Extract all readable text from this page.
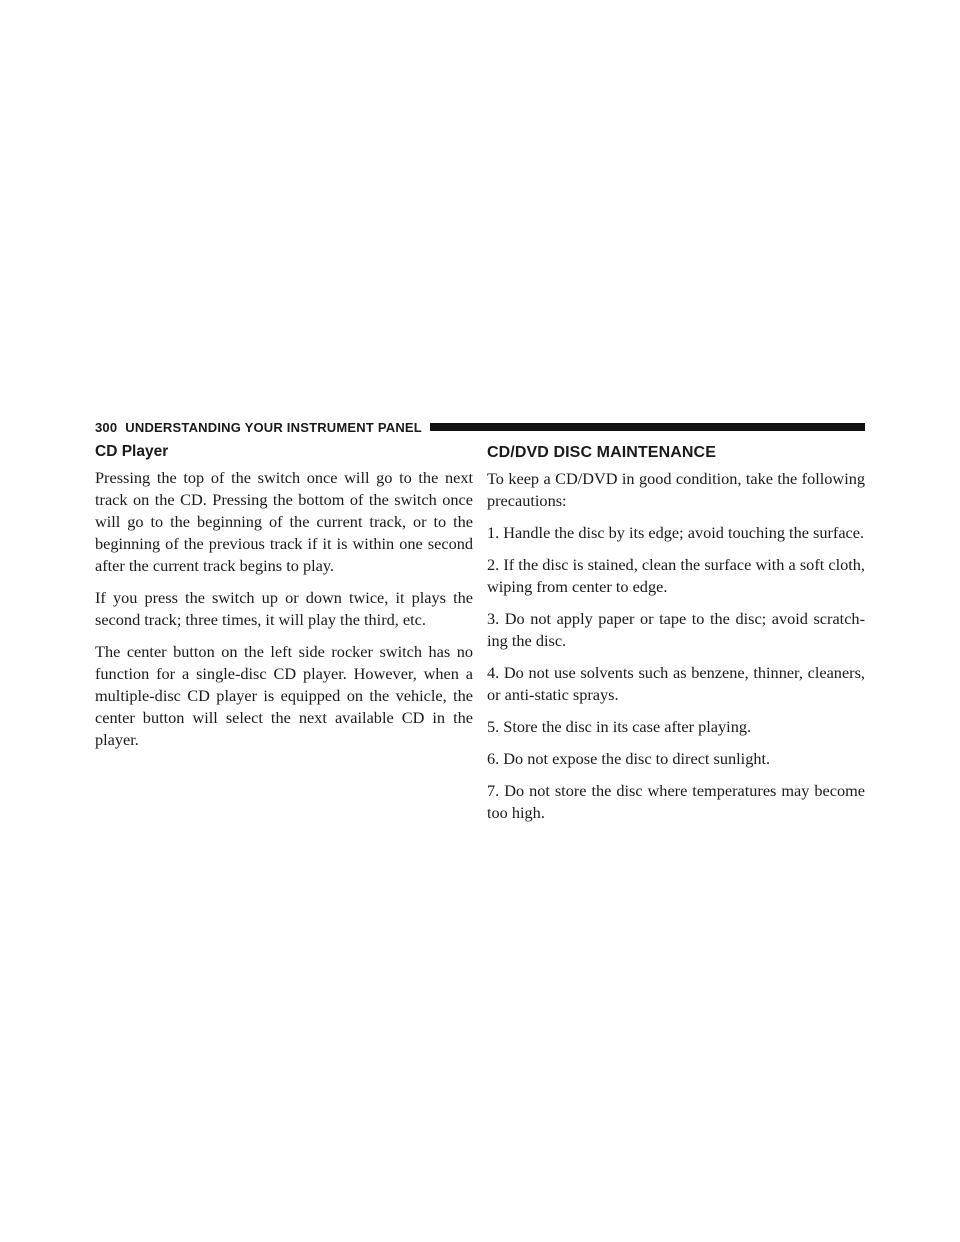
300 UNDERSTANDING YOUR INSTRUMENT PANEL
CD Player

Pressing the top of the switch once will go to the next track on the CD. Pressing the bottom of the switch once will go to the beginning of the current track, or to the beginning of the previous track if it is within one second after the current track begins to play.

If you press the switch up or down twice, it plays the second track; three times, it will play the third, etc.

The center button on the left side rocker switch has no function for a single-disc CD player. However, when a multiple-disc CD player is equipped on the vehicle, the center button will select the next available CD in the player.

CD/DVD DISC MAINTENANCE

To keep a CD/DVD in good condition, take the following precautions:

1. Handle the disc by its edge; avoid touching the surface.

2. If the disc is stained, clean the surface with a soft cloth, wiping from center to edge.

3. Do not apply paper or tape to the disc; avoid scratch-ing the disc.

4. Do not use solvents such as benzene, thinner, cleaners, or anti-static sprays.

5. Store the disc in its case after playing.

6. Do not expose the disc to direct sunlight.

7. Do not store the disc where temperatures may become too high.
